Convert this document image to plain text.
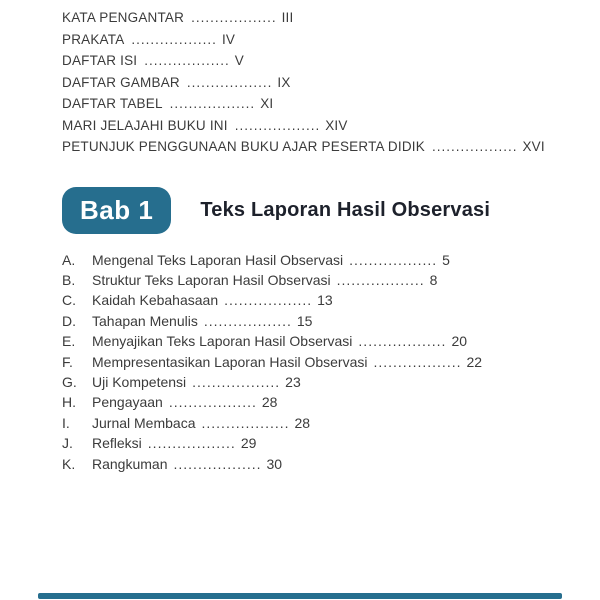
KATA PENGANTAR .................. III
PRAKATA .................. IV
DAFTAR ISI .................. V
DAFTAR GAMBAR .................. IX
DAFTAR TABEL .................. XI
MARI JELAJAHI BUKU INI .................. XIV
PETUNJUK PENGGUNAAN BUKU AJAR PESERTA DIDIK .................. XVI
Bab 1	Teks Laporan Hasil Observasi
A. Mengenal Teks Laporan Hasil Observasi .................. 5
B. Struktur Teks Laporan Hasil Observasi .................. 8
C. Kaidah Kebahasaan .................. 13
D. Tahapan Menulis .................. 15
E. Menyajikan Teks Laporan Hasil Observasi .................. 20
F. Mempresentasikan Laporan Hasil Observasi .................. 22
G. Uji Kompetensi .................. 23
H. Pengayaan .................. 28
I. Jurnal Membaca .................. 28
J. Refleksi .................. 29
K. Rangkuman .................. 30
